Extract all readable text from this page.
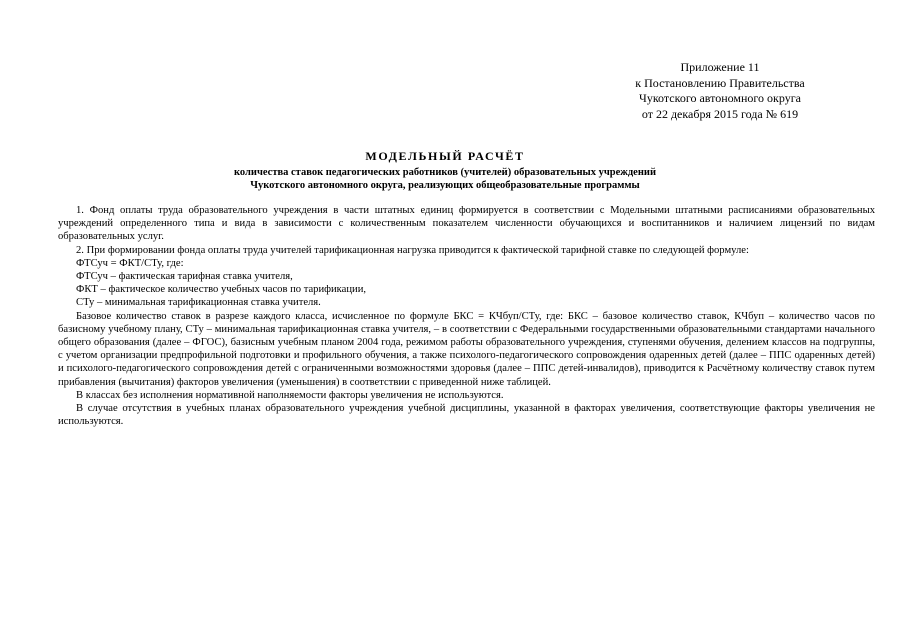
Приложение 11
к Постановлению Правительства
Чукотского автономного округа
от 22 декабря 2015 года № 619

МОДЕЛЬНЫЙ РАСЧЁТ

количества ставок педагогических работников (учителей) образовательных учреждений

Чукотского автономного округа, реализующих общеобразовательные программы

1. Фонд оплаты труда образовательного учреждения в части штатных единиц формируется в соответствии с Модельными штатными расписаниями образовательных учреждений определенного типа и вида в зависимости с количественным показателем численности обучающихся и воспитанников и наличием лицензий по видам образовательных услуг.

2. При формировании фонда оплаты труда учителей тарификационная нагрузка приводится к фактической тарифной ставке по следующей формуле:

ФТСуч = ФКТ/СТу, где:

ФТСуч – фактическая тарифная ставка учителя,

ФКТ – фактическое количество учебных часов по тарификации,

СТу – минимальная тарификационная ставка учителя.

Базовое количество ставок в разрезе каждого класса, исчисленное по формуле БКС = КЧбуп/СТу, где: БКС – базовое количество ставок, КЧбуп – количество часов по базисному учебному плану, СТу – минимальная тарификационная ставка учителя, – в соответствии с Федеральными государственными образовательными стандартами начального общего образования (далее – ФГОС), базисным учебным планом 2004 года, режимом работы образовательного учреждения, ступенями обучения, делением классов на подгруппы, с учетом организации предпрофильной подготовки и профильного обучения, а также психолого-педагогического сопровождения одаренных детей (далее – ППС одаренных детей) и психолого-педагогического сопровождения детей с ограниченными возможностями здоровья (далее – ППС детей-инвалидов), приводится к Расчётному количеству ставок путем прибавления (вычитания) факторов увеличения (уменьшения) в соответствии с приведенной ниже таблицей.

В классах без исполнения нормативной наполняемости факторы увеличения не используются.

В случае отсутствия в учебных планах образовательного учреждения учебной дисциплины, указанной в факторах увеличения, соответствующие факторы увеличения не используются.
